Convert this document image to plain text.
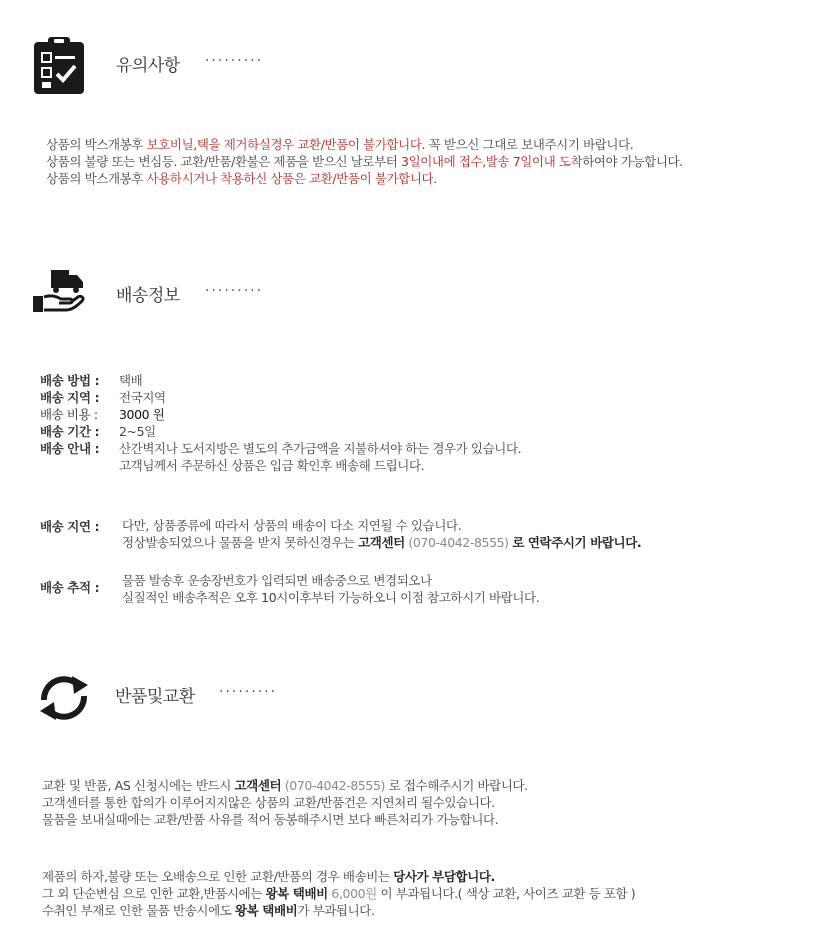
유의사항 ·········
상품의 박스개봉후 보호비닐,택을 제거하실경우 교환/반품이 불가합니다. 꼭 받으신 그대로 보내주시기 바랍니다.
상품의 불량 또는 변심등. 교환/반품/환불은 제품을 받으신 날로부터 3일이내에 접수,발송 7일이내 도착하여야 가능합니다.
상품의 박스개봉후 사용하시거나 착용하신 상품은 교환/반품이 불가합니다.
배송정보 ·········
배송 방법 :	택배
배송 지역 :	전국지역
배송 비용 :	3000 원
배송 기간 :	2~5일
배송 안내 :	산간벽지나 도서지방은 별도의 추가금액을 지불하셔야 하는 경우가 있습니다.
고객님께서 주문하신 상품은 입금 확인후 배송해 드립니다.
배송 지연 : 다만, 상품종류에 따라서 상품의 배송이 다소 지연될 수 있습니다.
정상발송되었으나 물품을 받지 못하신경우는 고객센터 (070-4042-8555) 로 연락주시기 바랍니다.
배송 추적 : 물품 발송후 운송장번호가 입력되면 배송중으로 변경되오나
실질적인 배송추적은 오후 10시이후부터 가능하오니 이점 참고하시기 바랍니다.
반품및교환 ·········
교환 및 반품, AS 신청시에는 반드시 고객센터 (070-4042-8555) 로 접수해주시기 바랍니다.
고객센터를 통한 합의가 이루어지지않은 상품의 교환/반품건은 지연처리 될수있습니다.
물품을 보내실때에는 교환/반품 사유를 적어 동봉해주시면 보다 빠른처리가 가능합니다.
제품의 하자,불량 또는 오배송으로 인한 교환/반품의 경우 배송비는 당사가 부담합니다.
그 외 단순변심 으로 인한 교환,반품시에는 왕복 택배비 6,000원 이 부과됩니다.( 색상 교환, 사이즈 교환 등 포함 )
수취인 부재로 인한 물품 반송시에도 왕복 택배비가 부과됩니다.
